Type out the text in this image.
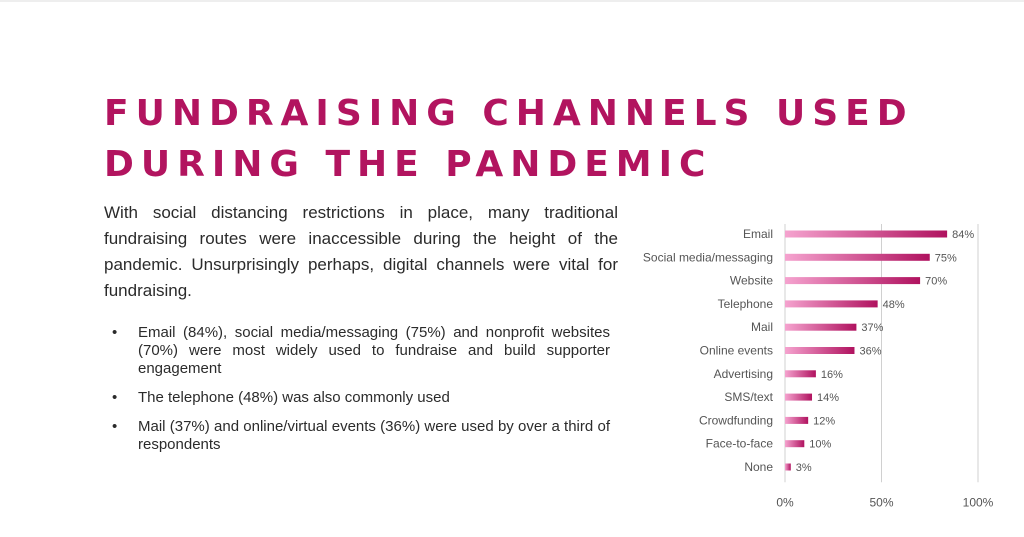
FUNDRAISING CHANNELS USED
DURING THE PANDEMIC

With social distancing restrictions in place, many traditional fundraising routes were inaccessible during the height of the pandemic. Unsurprisingly perhaps, digital channels were vital for fundraising.

• Email (84%), social media/messaging (75%) and nonprofit websites (70%) were most widely used to fundraise and build supporter engagement
• The telephone (48%) was also commonly used
• Mail (37%) and online/virtual events (36%) were used by over a third of respondents
Email	84%
Social media/messaging	75%
Website	70%
Telephone	48%
Mail	37%
Online events	36%
Advertising	16%
SMS/text	14%
Crowdfunding	12%
Face-to-face	10%
None 3%
0%	50%	100%
